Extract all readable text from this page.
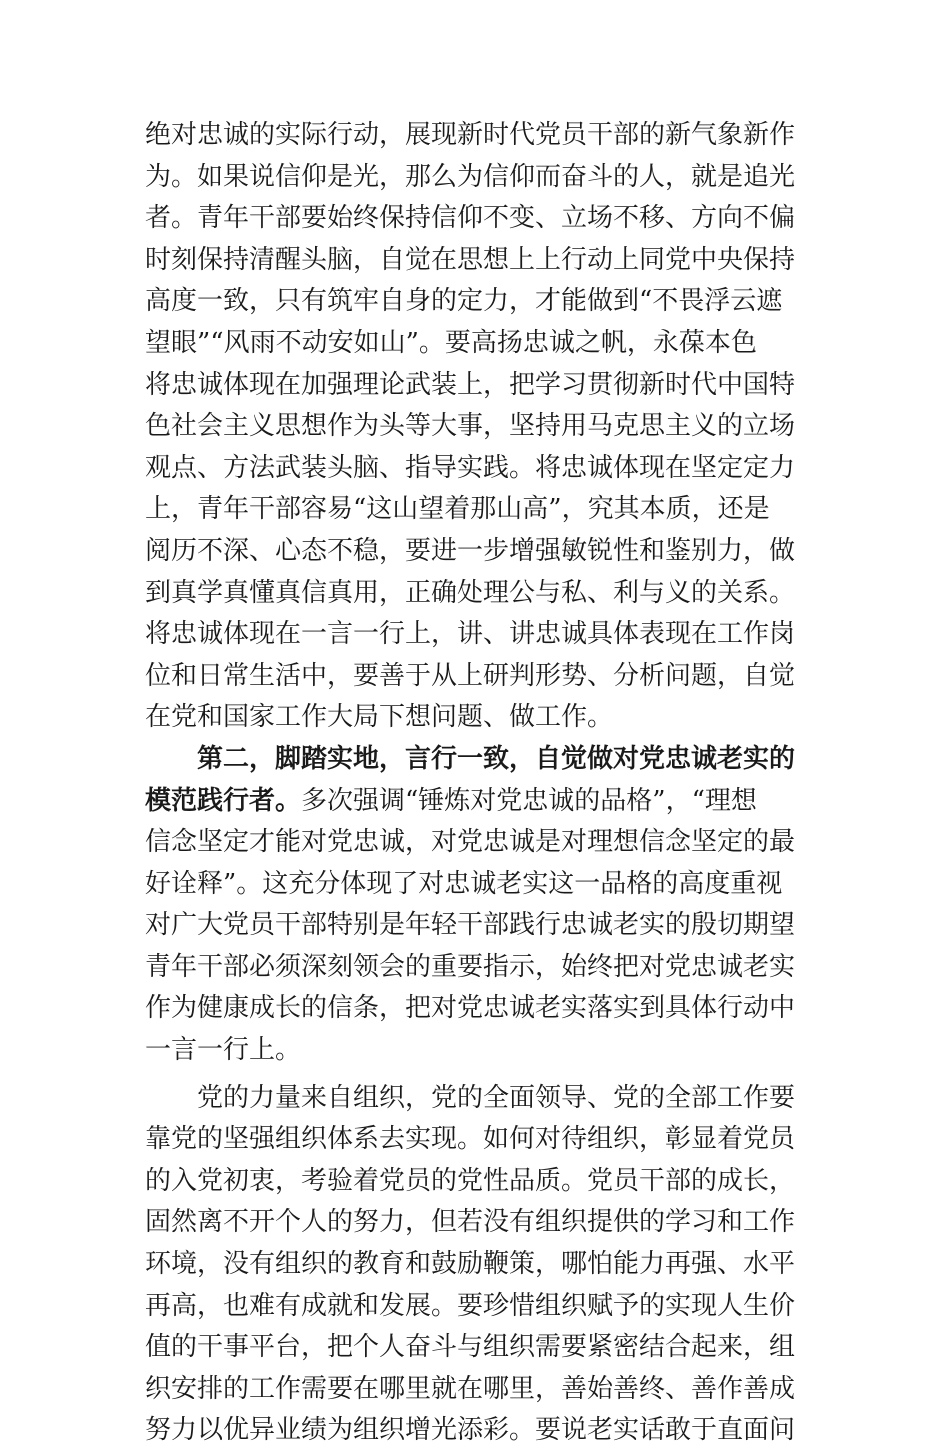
绝对忠诚的实际行动，展现新时代党员干部的新气象新作
为。如果说信仰是光，那么为信仰而奋斗的人，就是追光
者。青年干部要始终保持信仰不变、立场不移、方向不偏
时刻保持清醒头脑，自觉在思想上上行动上同党中央保持
高度一致，只有筑牢自身的定力，才能做到“不畏浮云遮
望眼”“风雨不动安如山”。要高扬忠诚之帆，永葆本色
将忠诚体现在加强理论武装上，把学习贯彻新时代中国特
色社会主义思想作为头等大事，坚持用马克思主义的立场
观点、方法武装头脑、指导实践。将忠诚体现在坚定定力
上，青年干部容易“这山望着那山高”，究其本质，还是
阅历不深、心态不稳，要进一步增强敏锐性和鉴别力，做
到真学真懂真信真用，正确处理公与私、利与义的关系。
将忠诚体现在一言一行上，讲、讲忠诚具体表现在工作岗
位和日常生活中，要善于从上研判形势、分析问题，自觉
在党和国家工作大局下想问题、做工作。
第二，脚踏实地，言行一致，自觉做对党忠诚老实的
模范践行者。多次强调“锤炼对党忠诚的品格”，“理想
信念坚定才能对党忠诚，对党忠诚是对理想信念坚定的最
好诠释”。这充分体现了对忠诚老实这一品格的高度重视
对广大党员干部特别是年轻干部践行忠诚老实的殷切期望
青年干部必须深刻领会的重要指示，始终把对党忠诚老实
作为健康成长的信条，把对党忠诚老实落实到具体行动中
一言一行上。
党的力量来自组织，党的全面领导、党的全部工作要
靠党的坚强组织体系去实现。如何对待组织，彰显着党员
的入党初衷，考验着党员的党性品质。党员干部的成长，
固然离不开个人的努力，但若没有组织提供的学习和工作
环境，没有组织的教育和鼓励鞭策，哪怕能力再强、水平
再高，也难有成就和发展。要珍惜组织赋予的实现人生价
值的干事平台，把个人奋斗与组织需要紧密结合起来，组
织安排的工作需要在哪里就在哪里，善始善终、善作善成
努力以优异业绩为组织增光添彩。要说老实话敢于直面问
